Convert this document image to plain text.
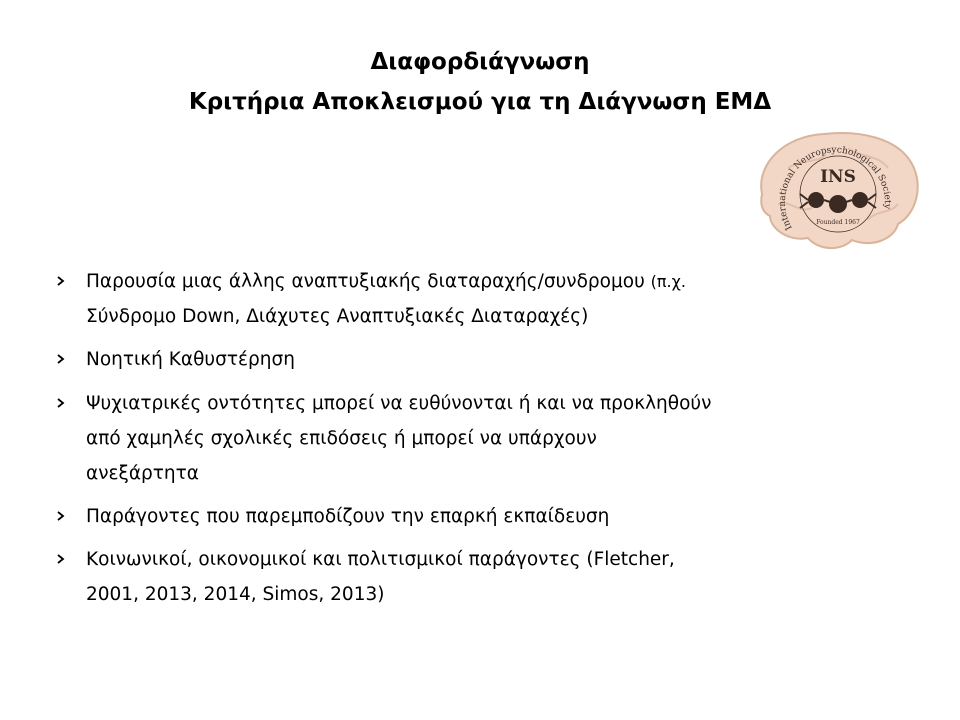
Διαφορδιάγνωση
Κριτήρια Αποκλεισμού για τη Διάγνωση ΕΜΔ
International Neuropsychological Society
INS
Founded 1967
Παρουσία μιας άλλης αναπτυξιακής διαταραχής/συνδρομου (π.χ.
Σύνδρομο Down, Διάχυτες Αναπτυξιακές Διαταραχές)
Νοητική Καθυστέρηση
Ψυχιατρικές οντότητες μπορεί να ευθύνονται ή και να προκληθούν
από χαμηλές σχολικές επιδόσεις ή μπορεί να υπάρχουν
ανεξάρτητα
Παράγοντες που παρεμποδίζουν την επαρκή εκπαίδευση
Κοινωνικοί, οικονομικοί και πολιτισμικοί παράγοντες (Fletcher,
2001, 2013, 2014, Simos, 2013)
